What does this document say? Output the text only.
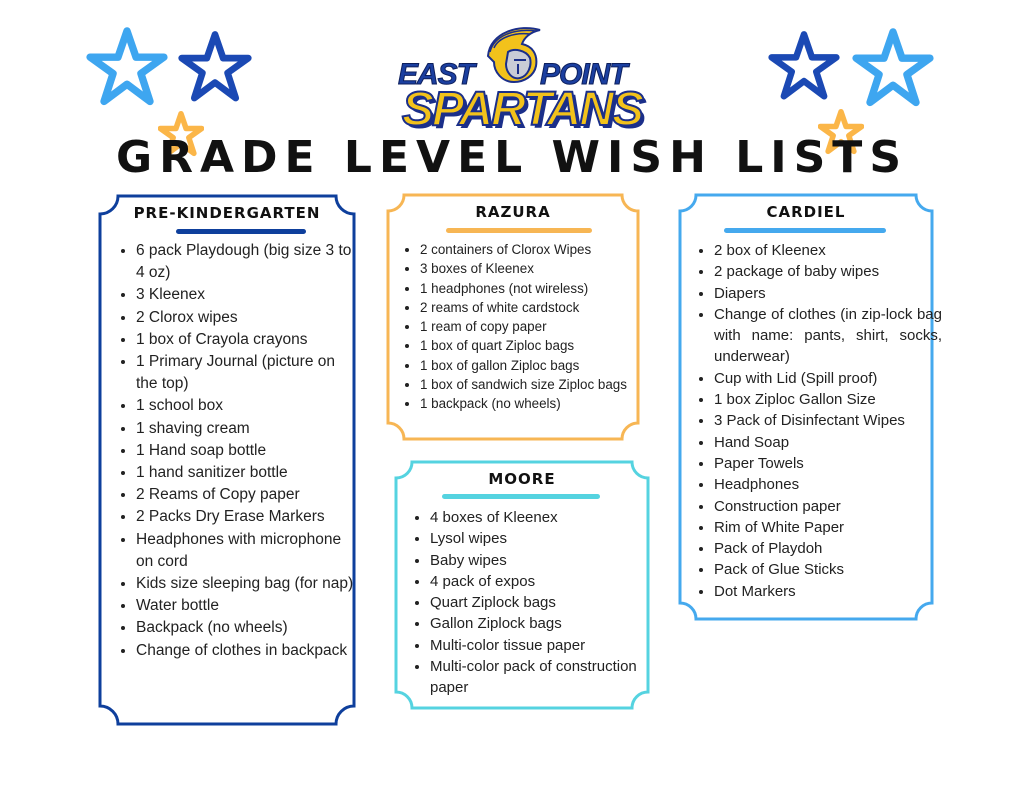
EAST POINT
SPARTANS
GRADE LEVEL WISH LISTS
PRE-KINDERGARTEN
• 6 pack Playdough (big size 3 to 4 oz)
• 3 Kleenex
• 2 Clorox wipes
• 1 box of Crayola crayons
• 1 Primary Journal (picture on the top)
• 1 school box
• 1 shaving cream
• 1 Hand soap bottle
• 1 hand sanitizer bottle
• 2 Reams of Copy paper
• 2 Packs Dry Erase Markers
• Headphones with microphone on cord
• Kids size sleeping bag (for nap)
• Water bottle
• Backpack (no wheels)
• Change of clothes in backpack
RAZURA
• 2 containers of Clorox Wipes
• 3 boxes of Kleenex
• 1 headphones (not wireless)
• 2 reams of white cardstock
• 1 ream of copy paper
• 1 box of quart Ziploc bags
• 1 box of gallon Ziploc bags
• 1 box of sandwich size Ziploc bags
• 1 backpack (no wheels)
MOORE
• 4 boxes of Kleenex
• Lysol wipes
• Baby wipes
• 4 pack of expos
• Quart Ziplock bags
• Gallon Ziplock bags
• Multi-color tissue paper
• Multi-color pack of construction paper
CARDIEL
• 2 box of Kleenex
• 2 package of baby wipes
• Diapers
• Change of clothes (in zip-lock bag with name: pants, shirt, socks, underwear)
• Cup with Lid (Spill proof)
• 1 box Ziploc Gallon Size
• 3 Pack of Disinfectant Wipes
• Hand Soap
• Paper Towels
• Headphones
• Construction paper
• Rim of White Paper
• Pack of Playdoh
• Pack of Glue Sticks
• Dot Markers
